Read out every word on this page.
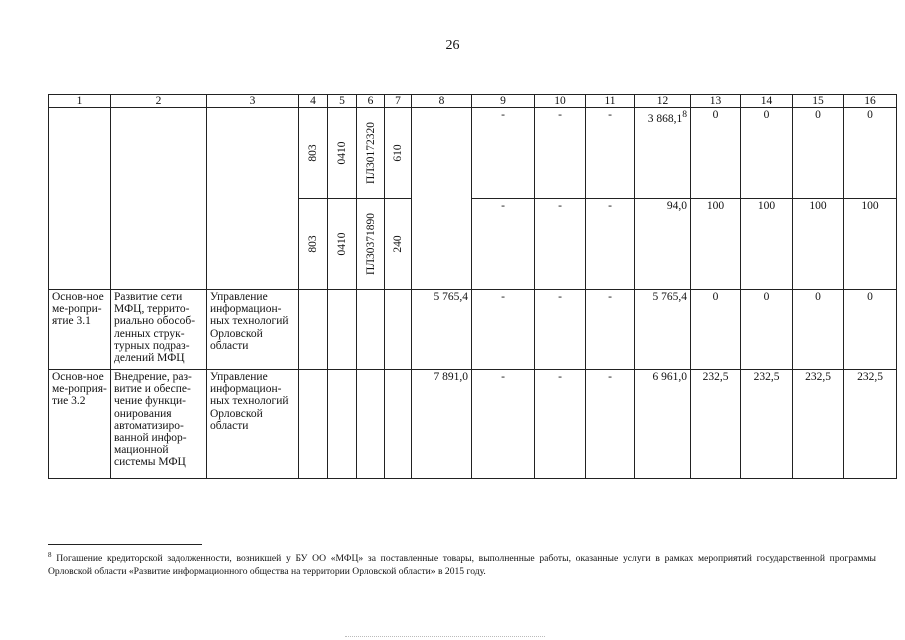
26
1	2	3	4	5	6	7	8	9	10	11	12	13	14	15	16

			803	0410	ПЛ30172320	610		-	-	-	3 868,1$^8$	0	0	0	0

			803	0410	ПЛ30371890	240		-	-	-	94,0	100	100	100	100
Основ-ное ме-ропри-ятие 3.1	Развитие сети МФЦ, террито-риально обособ-ленных струк-турных подраз-делений МФЦ	Управление информацион-ных технологий Орловской области					5 765,4	-	-	-	5 765,4	0	0	0	0
Основ-ное ме-роприя-тие 3.2	Внедрение, раз-витие и обеспе-чение функци-онирования автоматизиро-ванной инфор-мационной системы МФЦ	Управление информацион-ных технологий Орловской области					7 891,0	-	-	-	6 961,0	232,5	232,5	232,5	232,5
$^8$ Погашение кредиторской задолженности, возникшей у БУ ОО «МФЦ» за поставленные товары, выполненные работы, оказанные услуги в рамках мероприятий государственной программы Орловской области «Развитие информационного общества на территории Орловской области» в 2015 году.
